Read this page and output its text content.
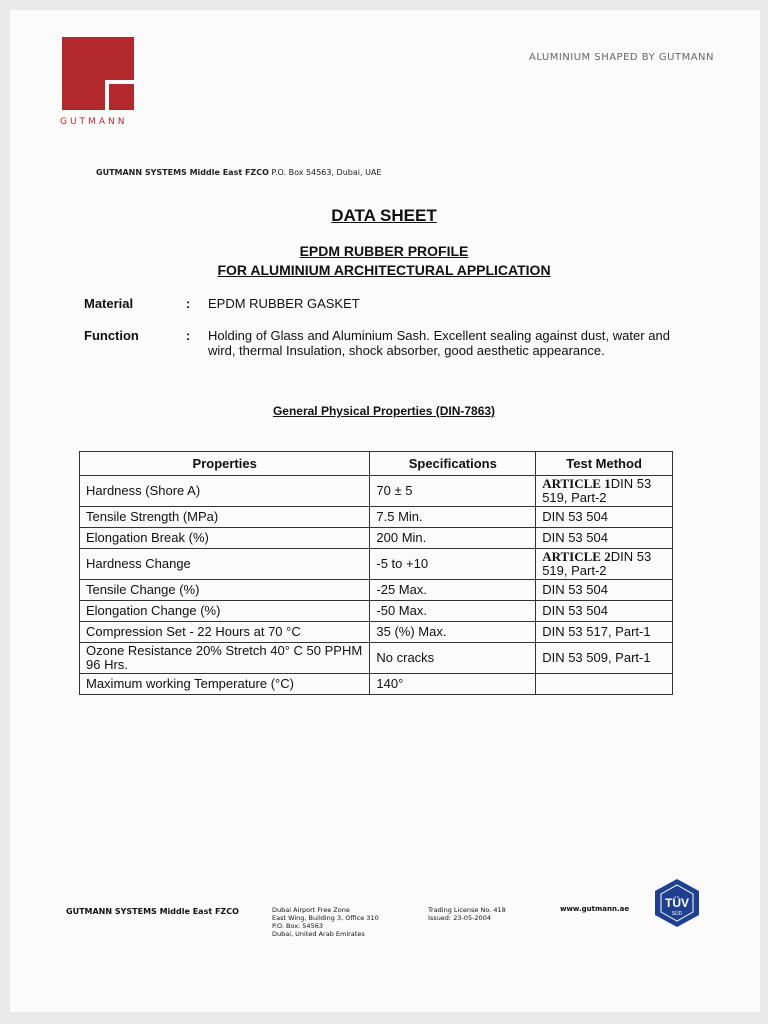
GUTMANN
ALUMINIUM SHAPED BY GUTMANN
GUTMANN SYSTEMS Middle East FZCO P.O. Box 54563, Dubai, UAE
DATA SHEET
EPDM RUBBER PROFILE
FOR ALUMINIUM ARCHITECTURAL APPLICATION
Material	: EPDM RUBBER GASKET
Function	: Holding of Glass and Aluminium Sash. Excellent sealing against dust, water and wird, thermal Insulation, shock absorber, good aesthetic appearance.
General Physical Properties (DIN-7863)
Properties	Specifications	Test Method
Hardness (Shore A)	70 ± 5	ARTICLE 1DIN 53 519, Part-2
Tensile Strength (MPa)	7.5 Min.	DIN 53 504
Elongation Break (%)	200 Min.	DIN 53 504
Hardness Change	-5 to +10	ARTICLE 2DIN 53 519, Part-2
Tensile Change (%)	-25 Max.	DIN 53 504
Elongation Change (%)	-50 Max.	DIN 53 504
Compression Set - 22 Hours at 70 °C	35 (%) Max.	DIN 53 517, Part-1
Ozone Resistance 20% Stretch 40° C 50 PPHM 96 Hrs.	No cracks	DIN 53 509, Part-1
Maximum working Temperature (°C)	140°	
GUTMANN SYSTEMS Middle East FZCO	Dubai Airport Free Zone
East Wing, Building 3, Office 310
P.O. Box: 54563
Dubai, United Arab Emirates
Trading License No. 418
Issued: 23-05-2004
www.gutmann.ae	TÜV
SÜD
